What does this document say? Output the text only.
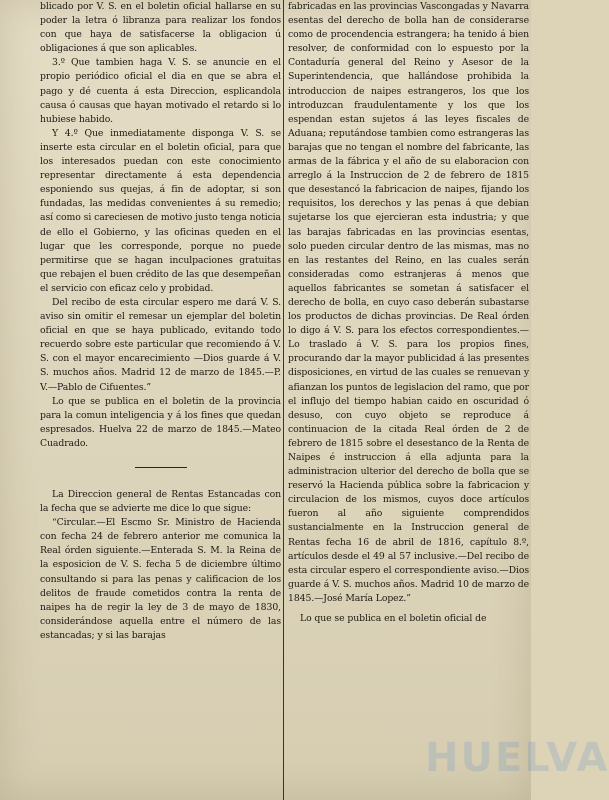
blicado por V. S. en el boletin oficial hallarse en su poder la letra ó libranza para realizar los fondos con que haya de satisfacerse la obligacion ú obligaciones á que son aplicables.

3.º Que tambien haga V. S. se anuncie en el propio periódico oficial el dia en que se abra el pago y dé cuenta á esta Direccion, esplicandola causa ó causas que hayan motivado el retardo si lo hubiese habido.

Y 4.º Que inmediatamente disponga V. S. se inserte esta circular en el boletin oficial, para que los interesados puedan con este conocimiento representar directamente á esta dependencia esponiendo sus quejas, á fin de adoptar, si son fundadas, las medidas convenientes á su remedio; así como si careciesen de motivo justo tenga noticia de ello el Gobierno, y las oficinas queden en el lugar que les corresponde, porque no puede permitirse que se hagan inculpaciones gratuitas que rebajen el buen crédito de las que desempeñan el servicio con eficaz celo y probidad.

Del recibo de esta circular espero me dará V. S. aviso sin omitir el remesar un ejemplar del boletin oficial en que se haya publicado, evitando todo recuerdo sobre este particular que recomiendo á V. S. con el mayor encarecimiento —Dios guarde á V. S. muchos años. Madrid 12 de marzo de 1845.—P. V.—Pablo de Cifuentes.”

Lo que se publica en el boletin de la provincia para la comun inteligencia y á los fines que quedan espresados. Huelva 22 de marzo de 1845.—Mateo Cuadrado.

La Direccion general de Rentas Estancadas con la fecha que se advierte me dice lo que sigue:

“Circular.—El Escmo Sr. Ministro de Hacienda con fecha 24 de febrero anterior me comunica la Real órden siguiente.—Enterada S. M. la Reina de la esposicion de V. S. fecha 5 de diciembre último consultando si para las penas y calificacion de los delitos de fraude cometidos contra la renta de naipes ha de regir la ley de 3 de mayo de 1830, considerándose aquella entre el número de las estancadas; y si las barajas

fabricadas en las provincias Vascongadas y Navarra esentas del derecho de bolla han de considerarse como de procendencia estrangera; ha tenido á bien resolver, de conformidad con lo espuesto por la Contaduría general del Reino y Asesor de la Superintendencia, que hallándose prohibida la introduccion de naipes estrangeros, los que los introduzcan fraudulentamente y los que los espendan estan sujetos á las leyes fiscales de Aduana; reputándose tambien como estrangeras las barajas que no tengan el nombre del fabricante, las armas de la fábrica y el año de su elaboracion con arreglo á la Instruccion de 2 de febrero de 1815 que desestancó la fabricacion de naipes, fijando los requisitos, los derechos y las penas á que debian sujetarse los que ejercieran esta industria; y que las barajas fabricadas en las provincias esentas, solo pueden circular dentro de las mismas, mas no en las restantes del Reino, en las cuales serán consideradas como estranjeras á menos que aquellos fabricantes se sometan á satisfacer el derecho de bolla, en cuyo caso deberán subastarse los productos de dichas provincias. De Real órden lo digo á V. S. para los efectos correspondientes.—Lo traslado á V. S. para los propios fines, procurando dar la mayor publicidad á las presentes disposiciones, en virtud de las cuales se renuevan y afianzan los puntos de legislacion del ramo, que por el influjo del tiempo habian caido en oscuridad ó desuso, con cuyo objeto se reproduce á continuacion de la citada Real órden de 2 de febrero de 1815 sobre el desestanco de la Renta de Naipes é instruccion á ella adjunta para la administracion ulterior del derecho de bolla que se reservó la Hacienda pública sobre la fabricacion y circulacion de los mismos, cuyos doce artículos fueron al año siguiente comprendidos sustancialmente en la Instruccion general de Rentas fecha 16 de abril de 1816, capítulo 8.º, artículos desde el 49 al 57 inclusive.—Del recibo de esta circular espero el correspondiente aviso.—Dios guarde á V. S. muchos años. Madrid 10 de marzo de 1845.—José María Lopez.”

Lo que se publica en el boletin oficial de

HUELVA
